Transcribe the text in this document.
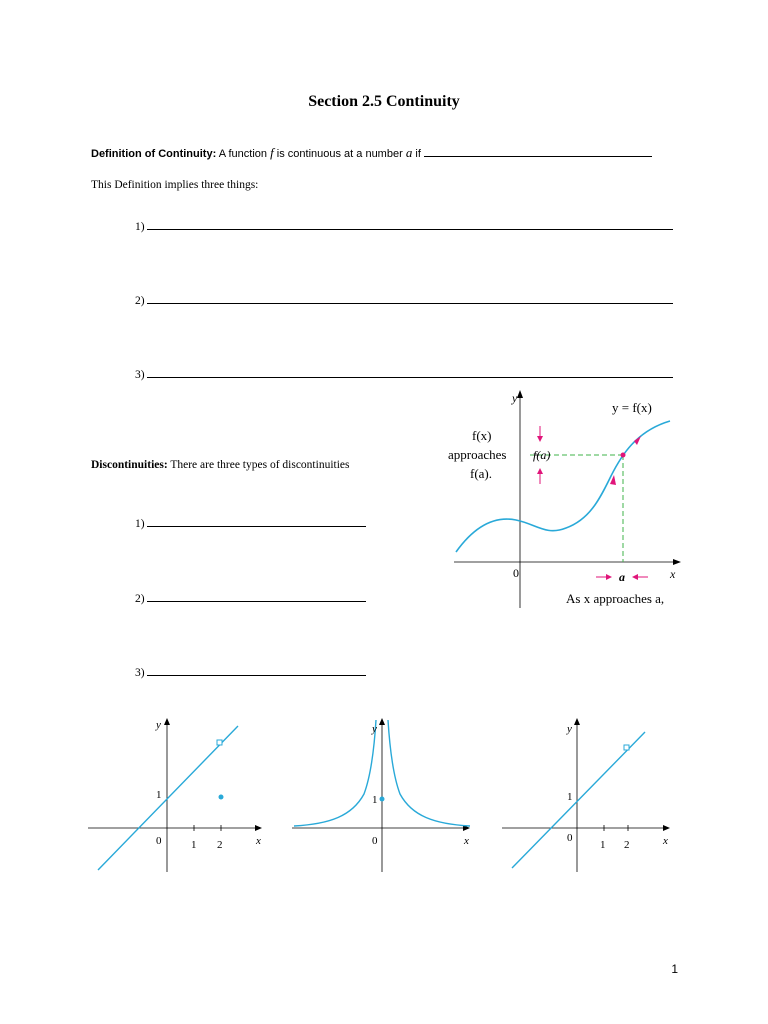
Section 2.5 Continuity
Definition of Continuity: A function f is continuous at a number a if
This Definition implies three things:
1)
2)
3)
Discontinuities: There are three types of discontinuities
1)
2)
3)
y
x
0
y = f(x)
f(x)
approaches
f(a).
f(a)
a
As x approaches a,
y
x
0	1 2
1
y
x
0
1
y
x
0
1 2
1
1
